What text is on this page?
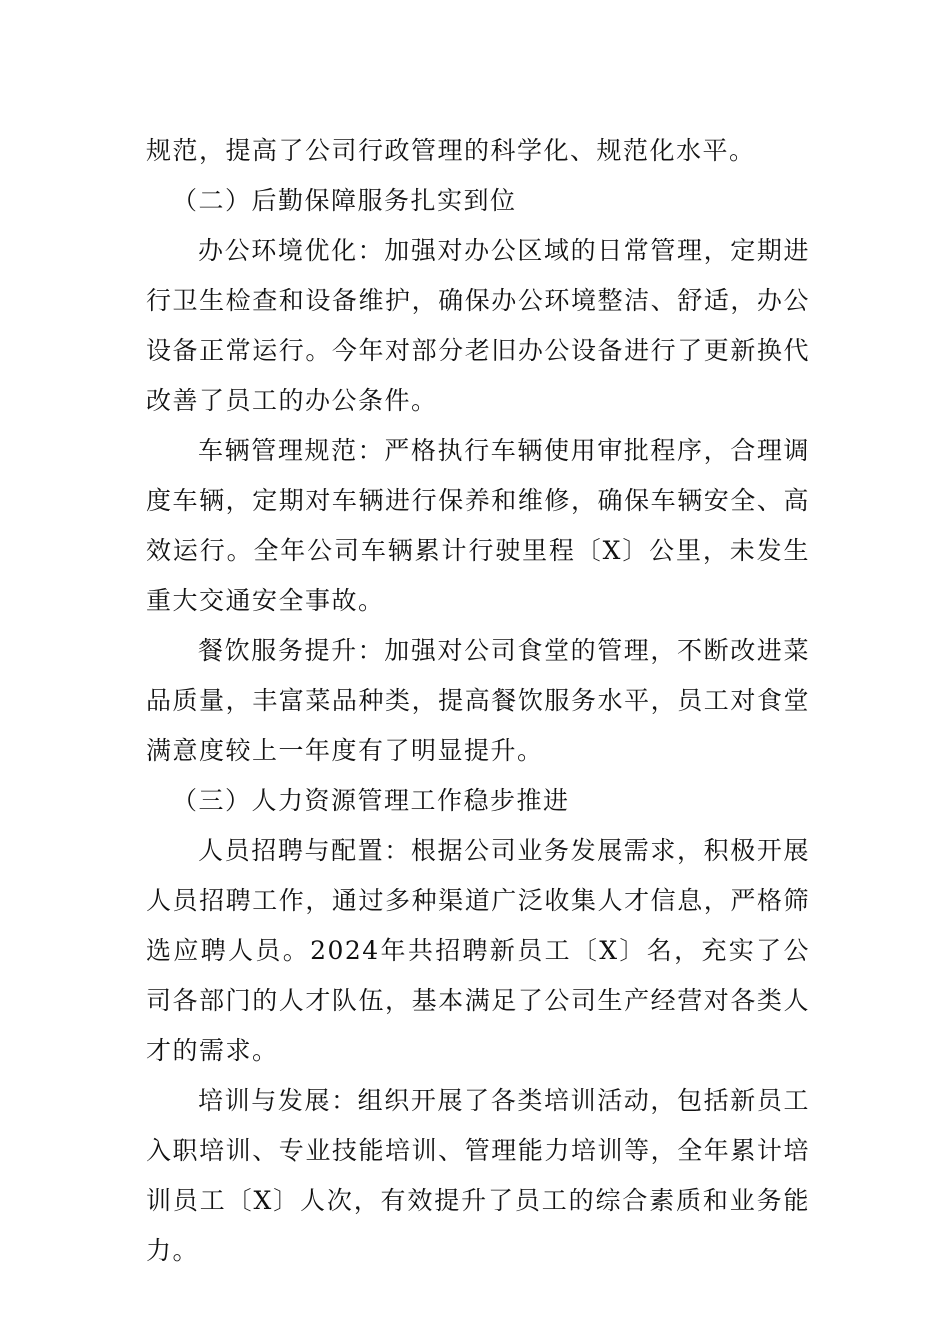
规范，提高了公司行政管理的科学化、规范化水平。

（二）后勤保障服务扎实到位

办公环境优化：加强对办公区域的日常管理，定期进行卫生检查和设备维护，确保办公环境整洁、舒适，办公设备正常运行。今年对部分老旧办公设备进行了更新换代改善了员工的办公条件。

车辆管理规范：严格执行车辆使用审批程序，合理调度车辆，定期对车辆进行保养和维修，确保车辆安全、高效运行。全年公司车辆累计行驶里程〔X〕公里，未发生重大交通安全事故。

餐饮服务提升：加强对公司食堂的管理，不断改进菜品质量，丰富菜品种类，提高餐饮服务水平，员工对食堂满意度较上一年度有了明显提升。

（三）人力资源管理工作稳步推进

人员招聘与配置：根据公司业务发展需求，积极开展人员招聘工作，通过多种渠道广泛收集人才信息，严格筛选应聘人员。2024年共招聘新员工〔X〕名，充实了公司各部门的人才队伍，基本满足了公司生产经营对各类人才的需求。

培训与发展：组织开展了各类培训活动，包括新员工入职培训、专业技能培训、管理能力培训等，全年累计培训员工〔X〕人次，有效提升了员工的综合素质和业务能力。
